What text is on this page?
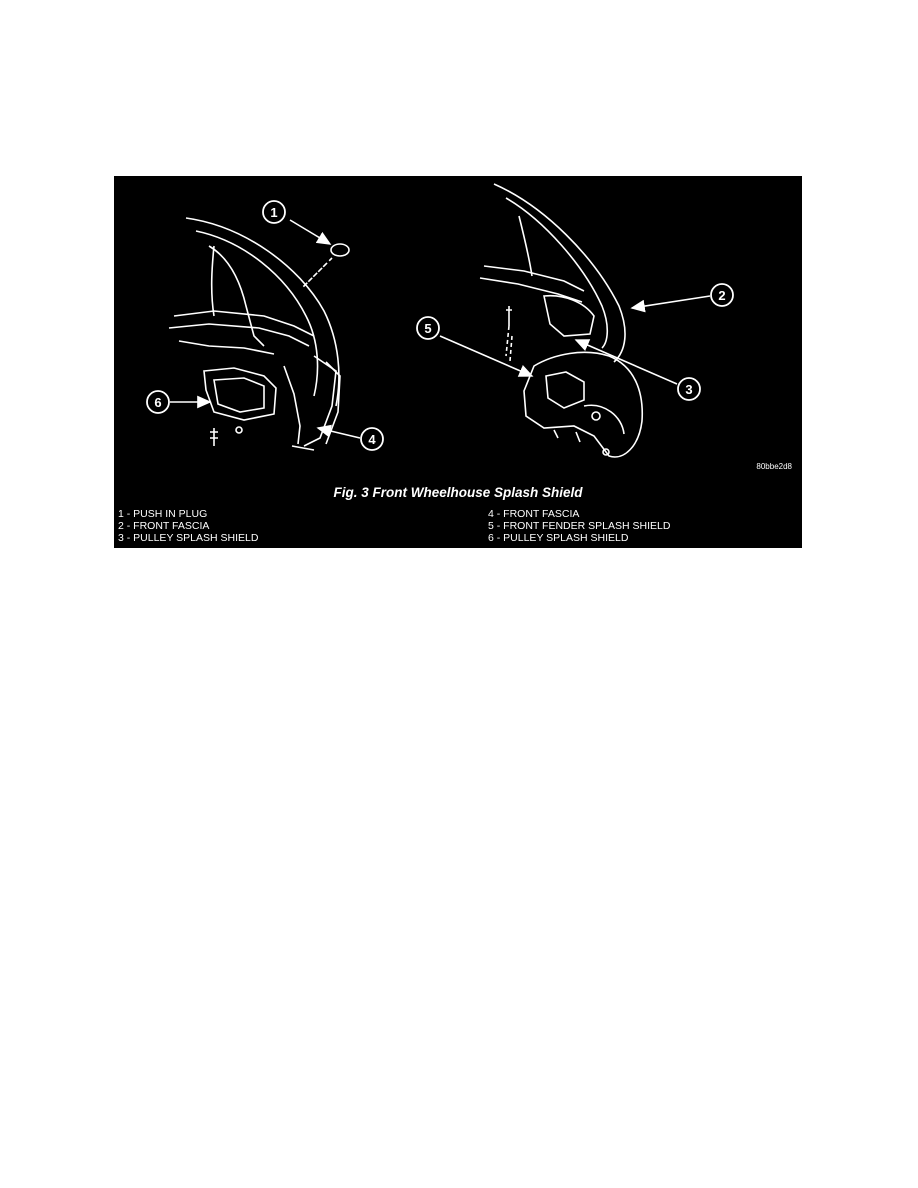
1
2
3
4
5
6
80bbe2d8
Fig. 3 Front Wheelhouse Splash Shield
1 - PUSH IN PLUG
2 - FRONT FASCIA
3 - PULLEY SPLASH SHIELD
4 - FRONT FASCIA
5 - FRONT FENDER SPLASH SHIELD
6 - PULLEY SPLASH SHIELD
